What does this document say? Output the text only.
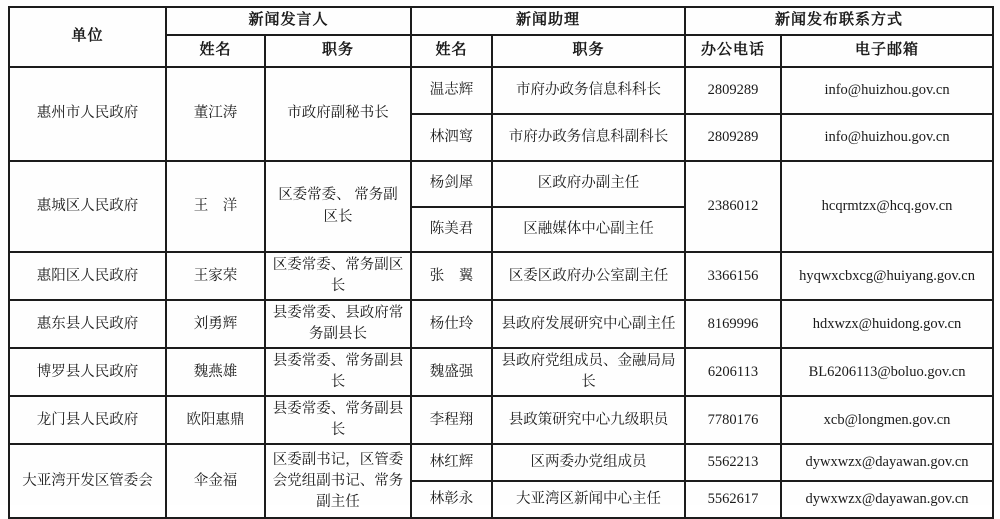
单位	新闻发言人		新闻助理		新闻发布联系方式	
	姓名	职务	姓名	职务	办公电话	电子邮箱
惠州市人民政府	董江涛	市政府副秘书长	温志辉	市府办政务信息科科长	2809289	info@huizhou.gov.cn
			林泗窎	市府办政务信息科副科长	2809289	info@huizhou.gov.cn
惠城区人民政府	王　洋	区委常委、 常务副区长	杨剑犀	区政府办副主任	2386012	hcqrmtzx@hcq.gov.cn
			陈美君	区融媒体中心副主任		
惠阳区人民政府	王家荣	区委常委、常务副区长	张　翼	区委区政府办公室副主任	3366156	hyqwxcbxcg@huiyang.gov.cn
惠东县人民政府	刘勇辉	县委常委、县政府常务副县长	杨仕玲	县政府发展研究中心副主任	8169996	hdxwzx@huidong.gov.cn
博罗县人民政府	魏燕雄	县委常委、常务副县长	魏盛强	县政府党组成员、金融局局长	6206113	BL6206113@boluo.gov.cn
龙门县人民政府	欧阳惠鼎	县委常委、常务副县长	李程翔	县政策研究中心九级职员	7780176	xcb@longmen.gov.cn
大亚湾开发区管委会	伞金福	区委副书记，区管委会党组副书记、常务副主任	林红辉	区两委办党组成员	5562213	dywxwzx@dayawan.gov.cn
			林彰永	大亚湾区新闻中心主任	5562617	dywxwzx@dayawan.gov.cn
